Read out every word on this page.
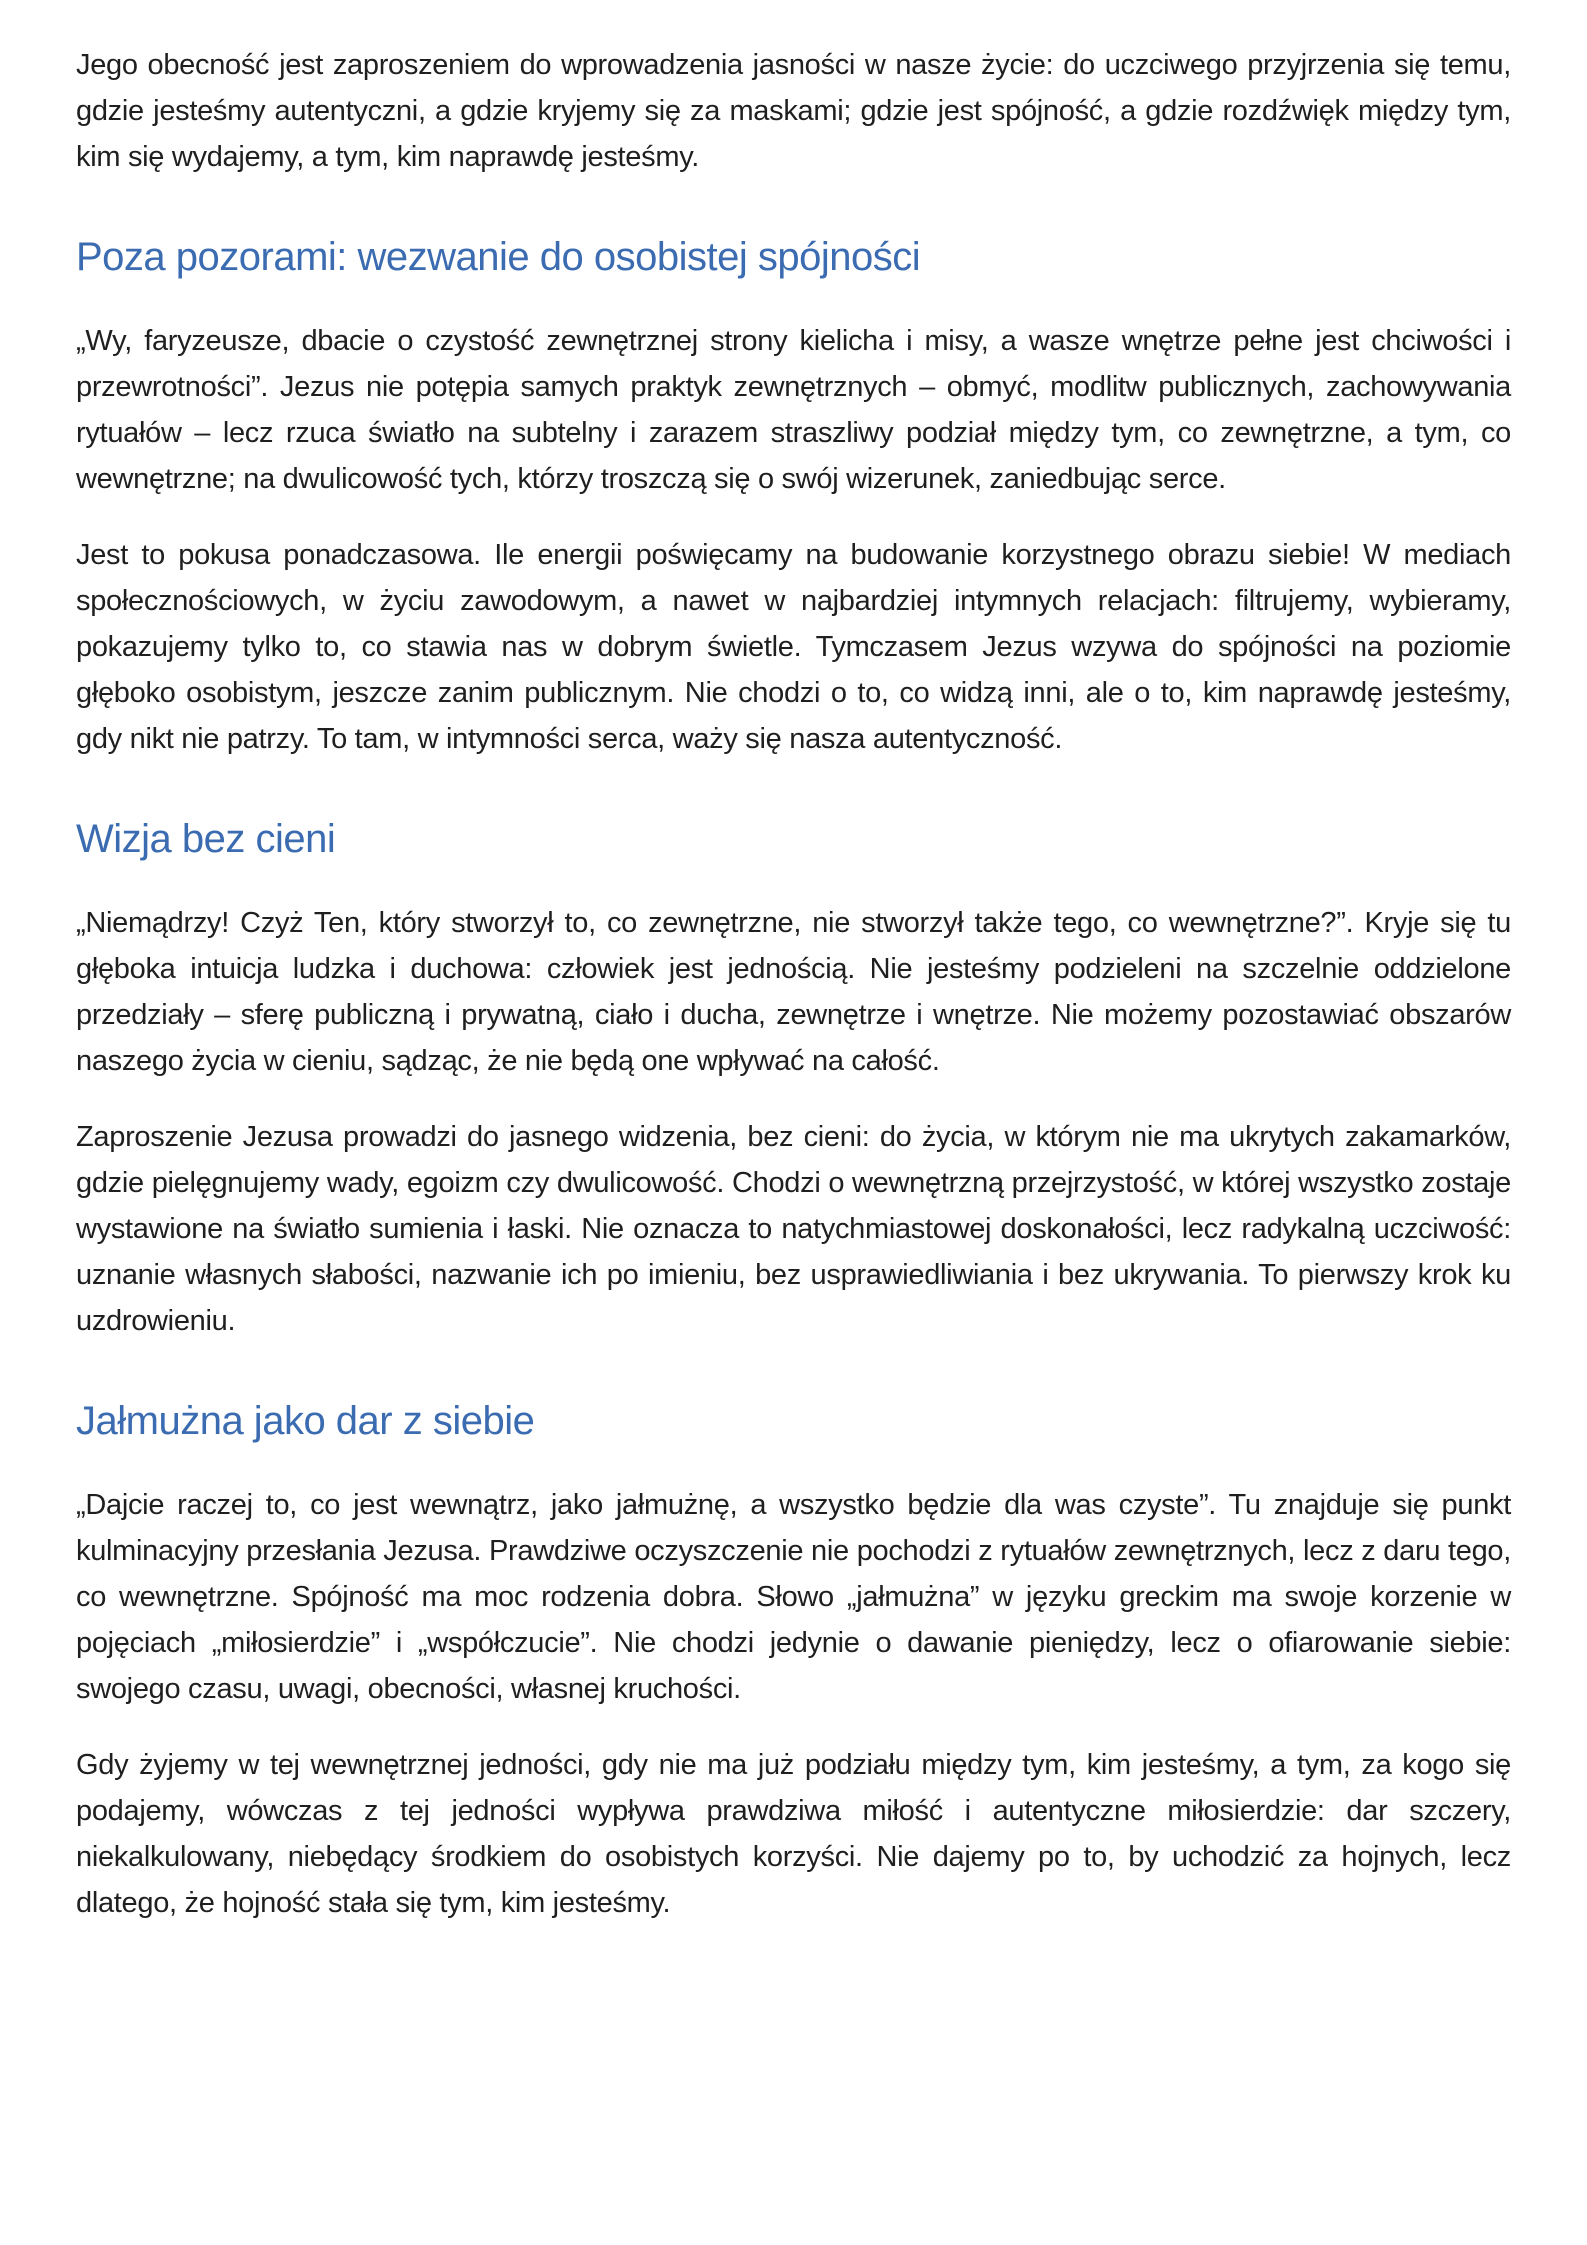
Jego obecność jest zaproszeniem do wprowadzenia jasności w nasze życie: do uczciwego przyjrzenia się temu, gdzie jesteśmy autentyczni, a gdzie kryjemy się za maskami; gdzie jest spójność, a gdzie rozdźwięk między tym, kim się wydajemy, a tym, kim naprawdę jesteśmy.

Poza pozorami: wezwanie do osobistej spójności

„Wy, faryzeusze, dbacie o czystość zewnętrznej strony kielicha i misy, a wasze wnętrze pełne jest chciwości i przewrotności”. Jezus nie potępia samych praktyk zewnętrznych – obmyć, modlitw publicznych, zachowywania rytuałów – lecz rzuca światło na subtelny i zarazem straszliwy podział między tym, co zewnętrzne, a tym, co wewnętrzne; na dwulicowość tych, którzy troszczą się o swój wizerunek, zaniedbując serce.

Jest to pokusa ponadczasowa. Ile energii poświęcamy na budowanie korzystnego obrazu siebie! W mediach społecznościowych, w życiu zawodowym, a nawet w najbardziej intymnych relacjach: filtrujemy, wybieramy, pokazujemy tylko to, co stawia nas w dobrym świetle. Tymczasem Jezus wzywa do spójności na poziomie głęboko osobistym, jeszcze zanim publicznym. Nie chodzi o to, co widzą inni, ale o to, kim naprawdę jesteśmy, gdy nikt nie patrzy. To tam, w intymności serca, waży się nasza autentyczność.

Wizja bez cieni

„Niemądrzy! Czyż Ten, który stworzył to, co zewnętrzne, nie stworzył także tego, co wewnętrzne?”. Kryje się tu głęboka intuicja ludzka i duchowa: człowiek jest jednością. Nie jesteśmy podzieleni na szczelnie oddzielone przedziały – sferę publiczną i prywatną, ciało i ducha, zewnętrze i wnętrze. Nie możemy pozostawiać obszarów naszego życia w cieniu, sądząc, że nie będą one wpływać na całość.

Zaproszenie Jezusa prowadzi do jasnego widzenia, bez cieni: do życia, w którym nie ma ukrytych zakamarków, gdzie pielęgnujemy wady, egoizm czy dwulicowość. Chodzi o wewnętrzną przejrzystość, w której wszystko zostaje wystawione na światło sumienia i łaski. Nie oznacza to natychmiastowej doskonałości, lecz radykalną uczciwość: uznanie własnych słabości, nazwanie ich po imieniu, bez usprawiedliwiania i bez ukrywania. To pierwszy krok ku uzdrowieniu.

Jałmużna jako dar z siebie

„Dajcie raczej to, co jest wewnątrz, jako jałmużnę, a wszystko będzie dla was czyste”. Tu znajduje się punkt kulminacyjny przesłania Jezusa. Prawdziwe oczyszczenie nie pochodzi z rytuałów zewnętrznych, lecz z daru tego, co wewnętrzne. Spójność ma moc rodzenia dobra. Słowo „jałmużna” w języku greckim ma swoje korzenie w pojęciach „miłosierdzie” i „współczucie”. Nie chodzi jedynie o dawanie pieniędzy, lecz o ofiarowanie siebie: swojego czasu, uwagi, obecności, własnej kruchości.

Gdy żyjemy w tej wewnętrznej jedności, gdy nie ma już podziału między tym, kim jesteśmy, a tym, za kogo się podajemy, wówczas z tej jedności wypływa prawdziwa miłość i autentyczne miłosierdzie: dar szczery, niekalkulowany, niebędący środkiem do osobistych korzyści. Nie dajemy po to, by uchodzić za hojnych, lecz dlatego, że hojność stała się tym, kim jesteśmy.
